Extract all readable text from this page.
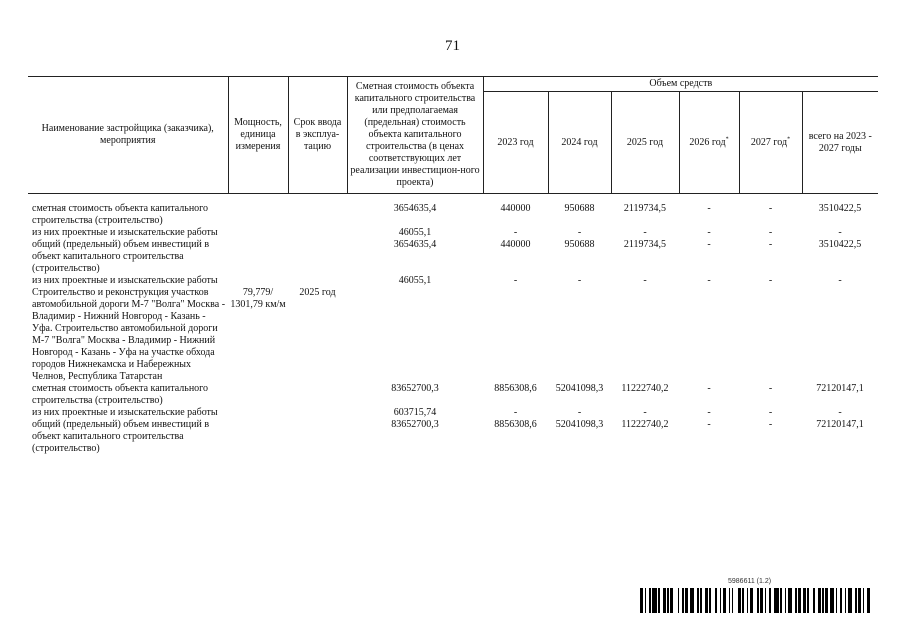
71
Наименование застройщика (заказчика), мероприятия	Мощность, единица измерения	Срок ввода в эксплуа-тацию	Сметная стоимость объекта капитального строительства или предполагаемая (предельная) стоимость объекта капитального строительства (в ценах соответствующих лет реализации инвестицион-ного проекта)	Объем средств					
				2023 год	2024 год	2025 год	2026 год*	2027 год*	всего на 2023 - 2027 годы

сметная стоимость объекта капитального строительства (строительство)			3654635,4	440000	950688	2119734,5	-	-	3510422,5
из них проектные и изыскательские работы			46055,1	-	-	-	-	-	-
общий (предельный) объем инвестиций в объект капитального строительства (строительство)			3654635,4	440000	950688	2119734,5	-	-	3510422,5
из них проектные и изыскательские работы			46055,1	-	-	-	-	-	-
Строительство и реконструкция участков автомобильной дороги М-7 "Волга" Москва - Владимир - Нижний Новгород - Казань - Уфа. Строительство автомобильной дороги М-7 "Волга" Москва - Владимир - Нижний Новгород - Казань - Уфа на участке обхода городов Нижнекамска и Набережных Челнов, Республика Татарстан	79,779/ 1301,79 км/м	2025 год							
сметная стоимость объекта капитального строительства (строительство)			83652700,3	8856308,6	52041098,3	11222740,2	-	-	72120147,1
из них проектные и изыскательские работы			603715,74	-	-	-	-	-	-
общий (предельный) объем инвестиций в объект капитального строительства (строительство)			83652700,3	8856308,6	52041098,3	11222740,2	-	-	72120147,1
5986611 (1.2)
